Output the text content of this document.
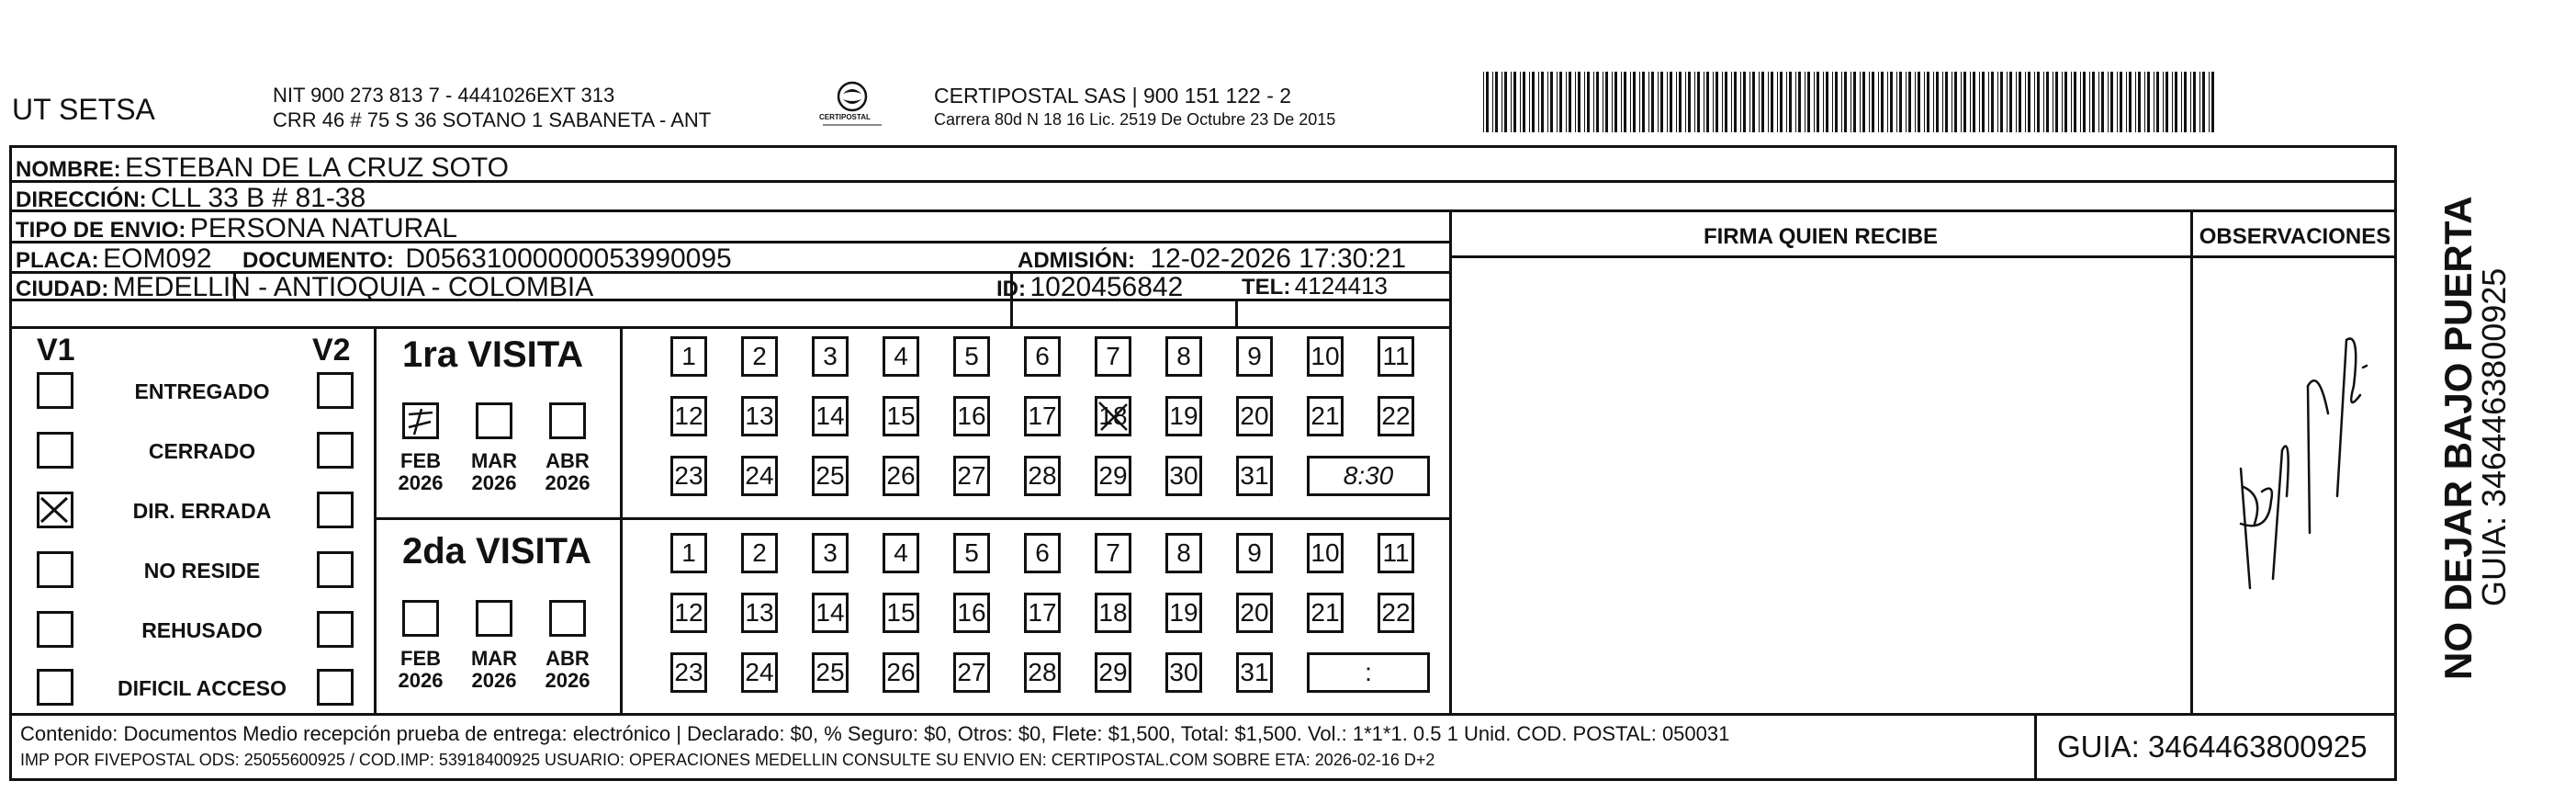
UT SETSA	NIT 900 273 813 7 - 4441026EXT 313
CRR 46 # 75 S 36 SOTANO 1 SABANETA - ANT	CERTIPOSTAL
CERTIPOSTAL SAS | 900 151 122 - 2
Carrera 80d N 18 16 Lic. 2519 De Octubre 23 De 2015
NOMBRE: ESTEBAN DE LA CRUZ SOTO
DIRECCIÓN: CLL 33 B # 81-38
TIPO DE ENVIO: PERSONA NATURAL
PLACA: EOM092 DOCUMENTO: D05631000000053990095	ADMISIÓN: 12-02-2026 17:30:21
CIUDAD: MEDELLIN - ANTIOQUIA - COLOMBIA	ID: 1020456842	TEL: 4124413
FIRMA QUIEN RECIBE	OBSERVACIONES
V1	V2
ENTREGADO
CERRADO
DIR. ERRADA
NO RESIDE
REHUSADO
DIFICIL ACCESO
1ra VISITA
2da VISITA
FEB
2026
MAR
2026
ABR
2026
FEB
2026
MAR
2026
ABR
2026
1	2	3	4	5	6	7	8	9	10 11
12 13 14 15 16 17 18 19 20 21 22
23 24 25 26 27 28 29 30 31	8:30
1	2	3	4	5	6	7	8	9	10 11
12 13 14 15 16 17 18 19 20 21 22
23 24 25 26 27 28 29 30 31	:
Contenido: Documentos Medio recepción prueba de entrega: electrónico | Declarado: $0, % Seguro: $0, Otros: $0, Flete: $1,500, Total: $1,500. Vol.: 1*1*1. 0.5 1 Unid. COD. POSTAL: 050031
IMP POR FIVEPOSTAL ODS: 25055600925 / COD.IMP: 53918400925 USUARIO: OPERACIONES MEDELLIN CONSULTE SU ENVIO EN: CERTIPOSTAL.COM SOBRE ETA: 2026-02-16 D+2	GUIA: 3464463800925
NO DEJAR BAJO PUERTA
GUIA: 3464463800925
